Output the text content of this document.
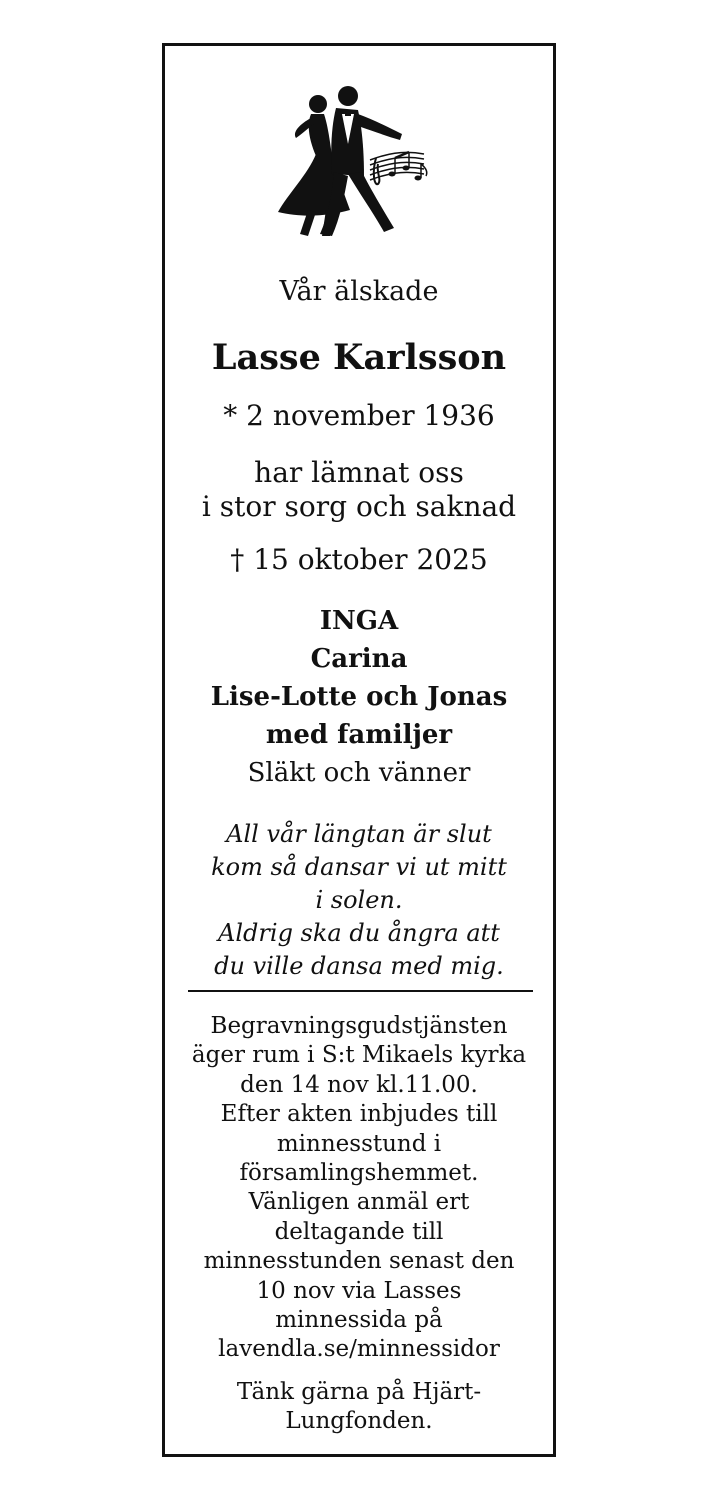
Vår älskade
Lasse Karlsson
* 2 november 1936
har lämnat oss
i stor sorg och saknad
† 15 oktober 2025
INGA
Carina
Lise-Lotte och Jonas
med familjer
Släkt och vänner
All vår längtan är slut
kom så dansar vi ut mitt
i solen.
Aldrig ska du ångra att
du ville dansa med mig.
Begravningsgudstjänsten
äger rum i S:t Mikaels kyrka
den 14 nov kl.11.00.
Efter akten inbjudes till
minnesstund i
församlingshemmet.
Vänligen anmäl ert
deltagande till
minnesstunden senast den
10 nov via Lasses
minnessida på
lavendla.se/minnessidor
Tänk gärna på Hjärt-
Lungfonden.
